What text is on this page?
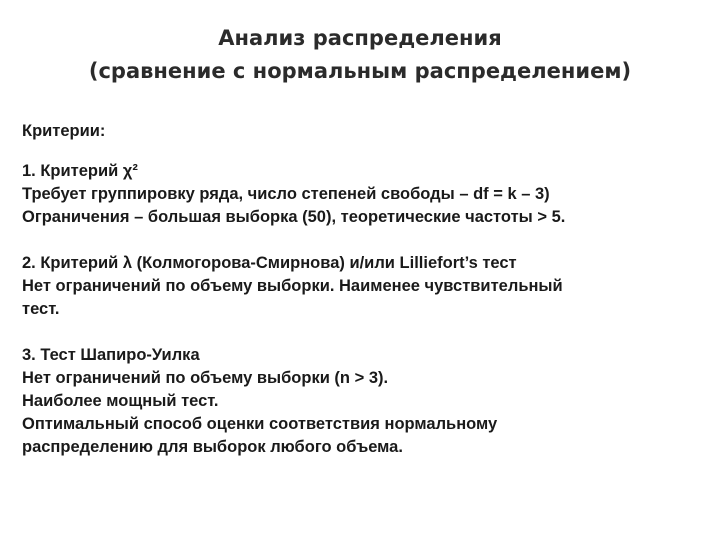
Анализ распределения
(сравнение с нормальным распределением)
Критерии:
1. Критерий χ²
Требует группировку ряда, число степеней свободы – df = k – 3)
Ограничения – большая выборка (50), теоретические частоты > 5.
2. Критерий λ (Колмогорова-Смирнова) и/или Lilliefort’s тест
Нет ограничений по объему выборки. Наименее чувствительный
тест.
3. Тест Шапиро-Уилка
Нет ограничений по объему выборки (n > 3).
Наиболее мощный тест.
Оптимальный способ оценки соответствия нормальному
распределению для выборок любого объема.
